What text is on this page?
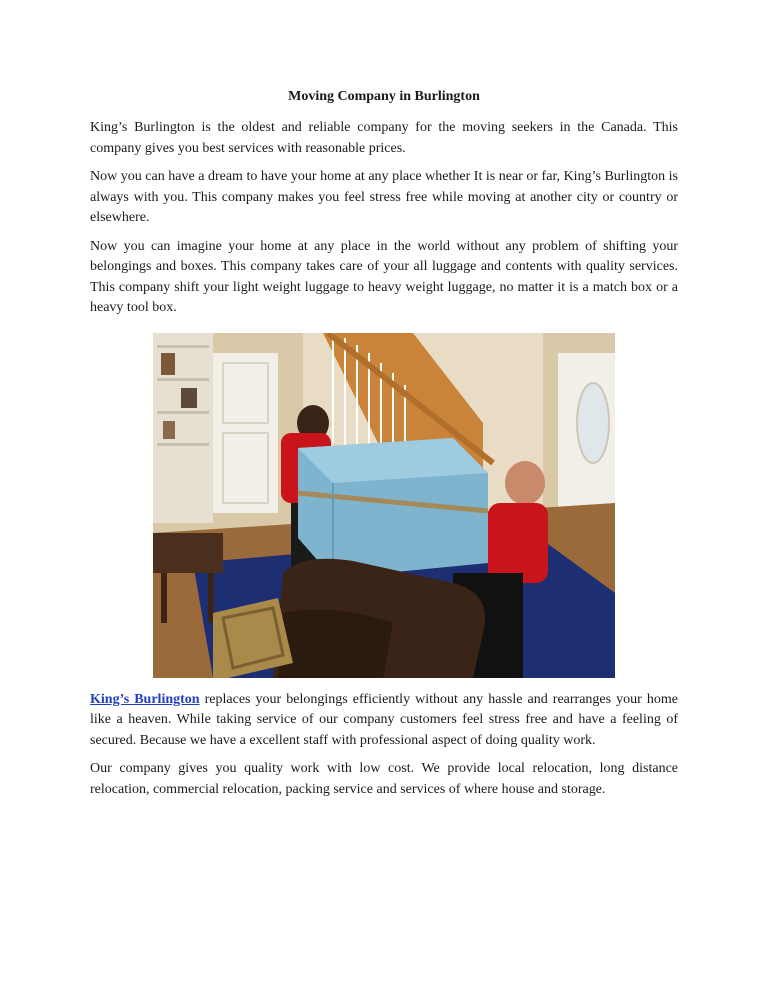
Moving Company in Burlington

King’s Burlington is the oldest and reliable company for the moving seekers in the Canada. This company gives you best services with reasonable prices.

Now you can have a dream to have your home at any place whether It is near or far, King’s Burlington is always with you. This company makes you feel stress free while moving at another city or country or elsewhere.

Now you can imagine your home at any place in the world without any problem of shifting your belongings and boxes. This company takes care of your all luggage and contents with quality services. This company shift your light weight luggage to heavy weight luggage, no matter it is a match box or a heavy tool box.

King’s Burlington replaces your belongings efficiently without any hassle and rearranges your home like a heaven. While taking service of our company customers feel stress free and have a feeling of secured. Because we have a excellent staff with professional aspect of doing quality work.

Our company gives you quality work with low cost. We provide local relocation, long distance relocation, commercial relocation, packing service and services of where house and storage.
